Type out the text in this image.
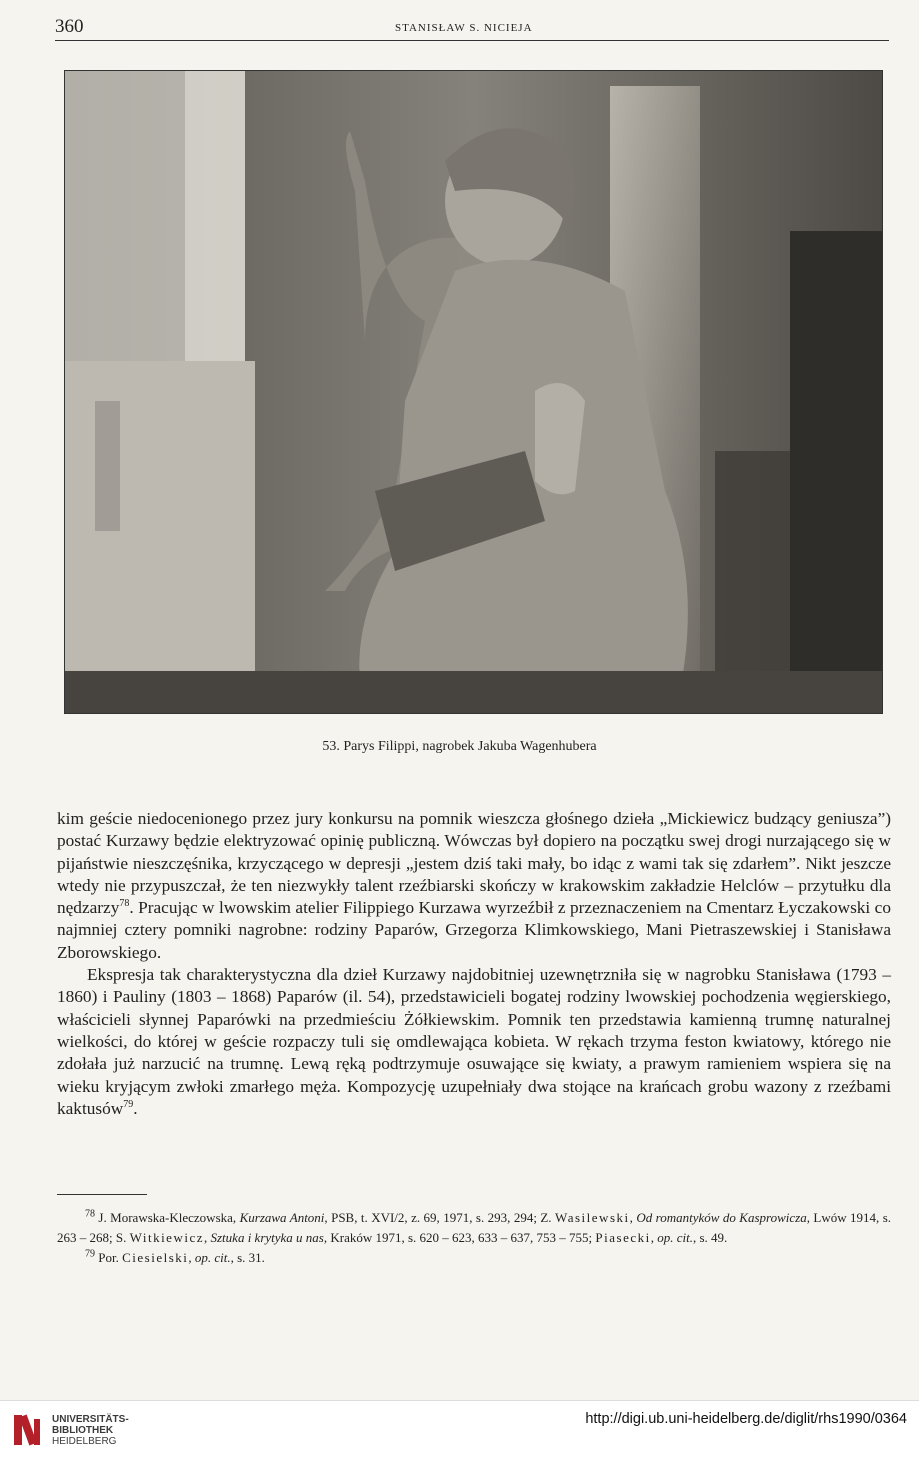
360	STANISŁAW S. NICIEJA
53. Parys Filippi, nagrobek Jakuba Wagenhubera

kim geście niedocenionego przez jury konkursu na pomnik wieszcza głośnego dzieła „Mickiewicz budzący geniusza”) postać Kurzawy będzie elektryzować opinię publiczną. Wówczas był dopiero na początku swej drogi nurzającego się w pijaństwie nieszczęśnika, krzyczącego w depresji „jestem dziś taki mały, bo idąc z wami tak się zdarłem”. Nikt jeszcze wtedy nie przypuszczał, że ten niezwykły talent rzeźbiarski skończy w krakowskim zakładzie Helclów – przytułku dla nędzarzy$^{78}$. Pracując w lwowskim atelier Filippiego Kurzawa wyrzeźbił z przeznaczeniem na Cmentarz Łyczakowski co najmniej cztery pomniki nagrobne: rodziny Paparów, Grzegorza Klimkowskiego, Mani Pietraszewskiej i Stanisława Zborowskiego.

Ekspresja tak charakterystyczna dla dzieł Kurzawy najdobitniej uzewnętrzniła się w nagrobku Stanisława (1793 – 1860) i Pauliny (1803 – 1868) Paparów (il. 54), przedstawicieli bogatej rodziny lwowskiej pochodzenia węgierskiego, właścicieli słynnej Paparówki na przedmieściu Żółkiewskim. Pomnik ten przedstawia kamienną trumnę naturalnej wielkości, do której w geście rozpaczy tuli się omdlewająca kobieta. W rękach trzyma feston kwiatowy, którego nie zdołała już narzucić na trumnę. Lewą ręką podtrzymuje osuwające się kwiaty, a prawym ramieniem wspiera się na wieku kryjącym zwłoki zmarłego męża. Kompozycję uzupełniały dwa stojące na krańcach grobu wazony z rzeźbami kaktusów$^{79}$.

$^{78}$ J. Morawska-Kleczowska, Kurzawa Antoni, PSB, t. XVI/2, z. 69, 1971, s. 293, 294; Z. Wasilewski, Od romantyków do Kasprowicza, Lwów 1914, s. 263 – 268; S. Witkiewicz, Sztuka i krytyka u nas, Kraków 1971, s. 620 – 623, 633 – 637, 753 – 755; Piasecki, op. cit., s. 49.

$^{79}$ Por. Ciesielski, op. cit., s. 31.

UNIVERSITÄTS-
BIBLIOTHEK
HEIDELBERG
http://digi.ub.uni-heidelberg.de/diglit/rhs1990/0364
